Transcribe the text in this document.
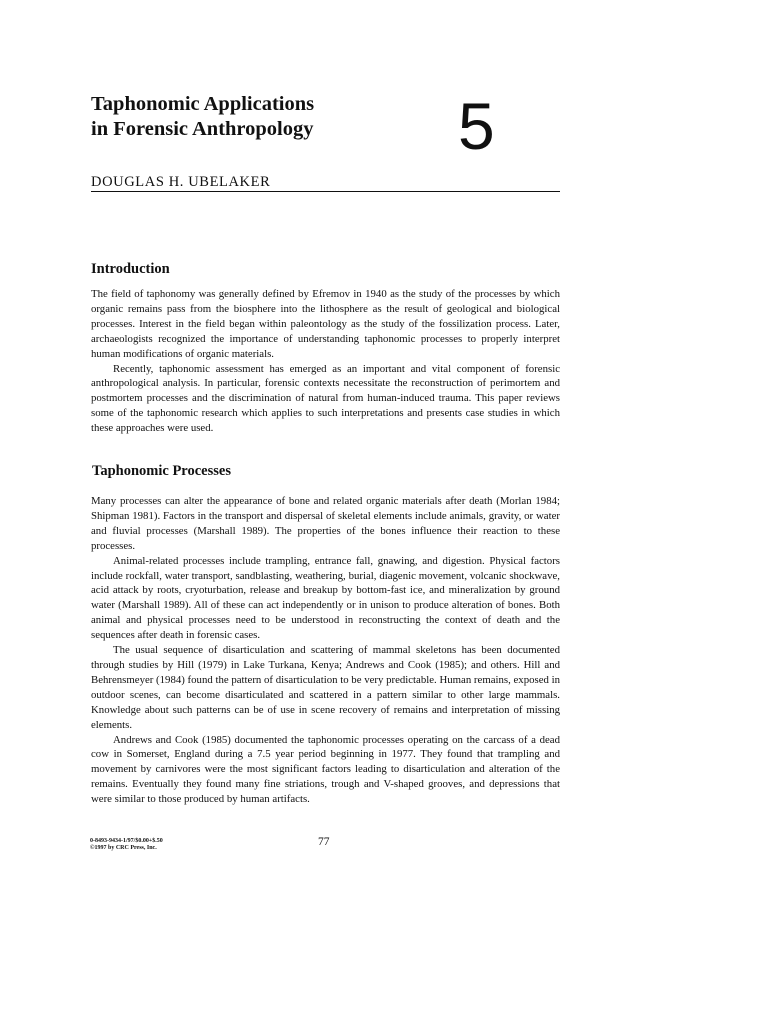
Taphonomic Applications
in Forensic Anthropology	5
DOUGLAS H. UBELAKER
Introduction

The field of taphonomy was generally defined by Efremov in 1940 as the study of the processes by which organic remains pass from the biosphere into the lithosphere as the result of geological and biological processes. Interest in the field began within paleontology as the study of the fossilization process. Later, archaeologists recognized the importance of understanding taphonomic processes to properly interpret human modifications of organic materials.

Recently, taphonomic assessment has emerged as an important and vital component of forensic anthropological analysis. In particular, forensic contexts necessitate the reconstruction of perimortem and postmortem processes and the discrimination of natural from human-induced trauma. This paper reviews some of the taphonomic research which applies to such interpretations and presents case studies in which these approaches were used.

Taphonomic Processes

Many processes can alter the appearance of bone and related organic materials after death (Morlan 1984; Shipman 1981). Factors in the transport and dispersal of skeletal elements include animals, gravity, or water and fluvial processes (Marshall 1989). The properties of the bones influence their reaction to these processes.

Animal-related processes include trampling, entrance fall, gnawing, and digestion. Physical factors include rockfall, water transport, sandblasting, weathering, burial, diagenic movement, volcanic shockwave, acid attack by roots, cryoturbation, release and breakup by bottom-fast ice, and mineralization by ground water (Marshall 1989). All of these can act independently or in unison to produce alteration of bones. Both animal and physical processes need to be understood in reconstructing the context of death and the sequences after death in forensic cases.

The usual sequence of disarticulation and scattering of mammal skeletons has been documented through studies by Hill (1979) in Lake Turkana, Kenya; Andrews and Cook (1985); and others. Hill and Behrensmeyer (1984) found the pattern of disarticulation to be very predictable. Human remains, exposed in outdoor scenes, can become disarticulated and scattered in a pattern similar to other large mammals. Knowledge about such patterns can be of use in scene recovery of remains and interpretation of missing elements.

Andrews and Cook (1985) documented the taphonomic processes operating on the carcass of a dead cow in Somerset, England during a 7.5 year period beginning in 1977. They found that trampling and movement by carnivores were the most significant factors leading to disarticulation and alteration of the remains. Eventually they found many fine striations, trough and V-shaped grooves, and depressions that were similar to those produced by human artifacts.

0-8493-9434-1/97/$0.00+$.50
©1997 by CRC Press, Inc.	77
